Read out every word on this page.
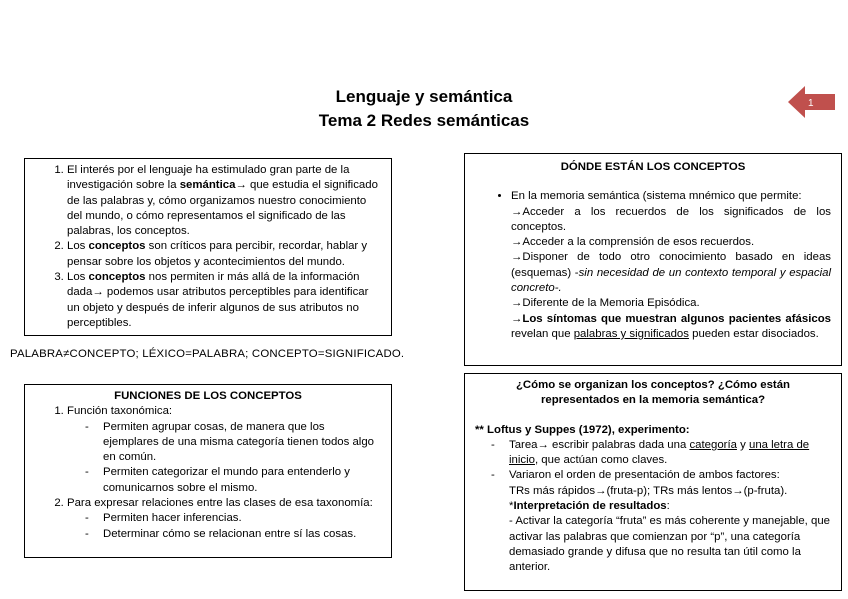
Lenguaje y semántica
Tema 2 Redes semánticas
1
1. El interés por el lenguaje ha estimulado gran parte de la investigación sobre la semántica→ que estudia el significado de las palabras y, cómo organizamos nuestro conocimiento del mundo, o cómo representamos el significado de las palabras, los conceptos.
2. Los conceptos son críticos para percibir, recordar, hablar y pensar sobre los objetos y acontecimientos del mundo.
3. Los conceptos nos permiten ir más allá de la información dada→ podemos usar atributos perceptibles para identificar un objeto y después de inferir algunos de sus atributos no perceptibles.
PALABRA≠CONCEPTO; LÉXICO=PALABRA; CONCEPTO=SIGNIFICADO.
DÓNDE ESTÁN LOS CONCEPTOS
• En la memoria semántica (sistema mnémico que permite:
→Acceder a los recuerdos de los significados de los conceptos.
→Acceder a la comprensión de esos recuerdos.
→Disponer de todo otro conocimiento basado en ideas (esquemas) -sin necesidad de un contexto temporal y espacial concreto-.
→Diferente de la Memoria Episódica.
→Los síntomas que muestran algunos pacientes afásicos revelan que palabras y significados pueden estar disociados.
FUNCIONES DE LOS CONCEPTOS
1. Función taxonómica:
- Permiten agrupar cosas, de manera que los ejemplares de una misma categoría tienen todos algo en común.
- Permiten categorizar el mundo para entenderlo y comunicarnos sobre el mismo.
2. Para expresar relaciones entre las clases de esa taxonomía:
- Permiten hacer inferencias.
- Determinar cómo se relacionan entre sí las cosas.
¿Cómo se organizan los conceptos? ¿Cómo están representados en la memoria semántica?
** Loftus y Suppes (1972), experimento:
- Tarea→ escribir palabras dada una categoría y una letra de inicio, que actúan como claves.
- Variaron el orden de presentación de ambos factores:
TRs más rápidos→(fruta-p); TRs más lentos→(p-fruta).
*Interpretación de resultados:
- Activar la categoría “fruta” es más coherente y manejable, que activar las palabras que comienzan por “p”, una categoría demasiado grande y difusa que no resulta tan útil como la anterior.
